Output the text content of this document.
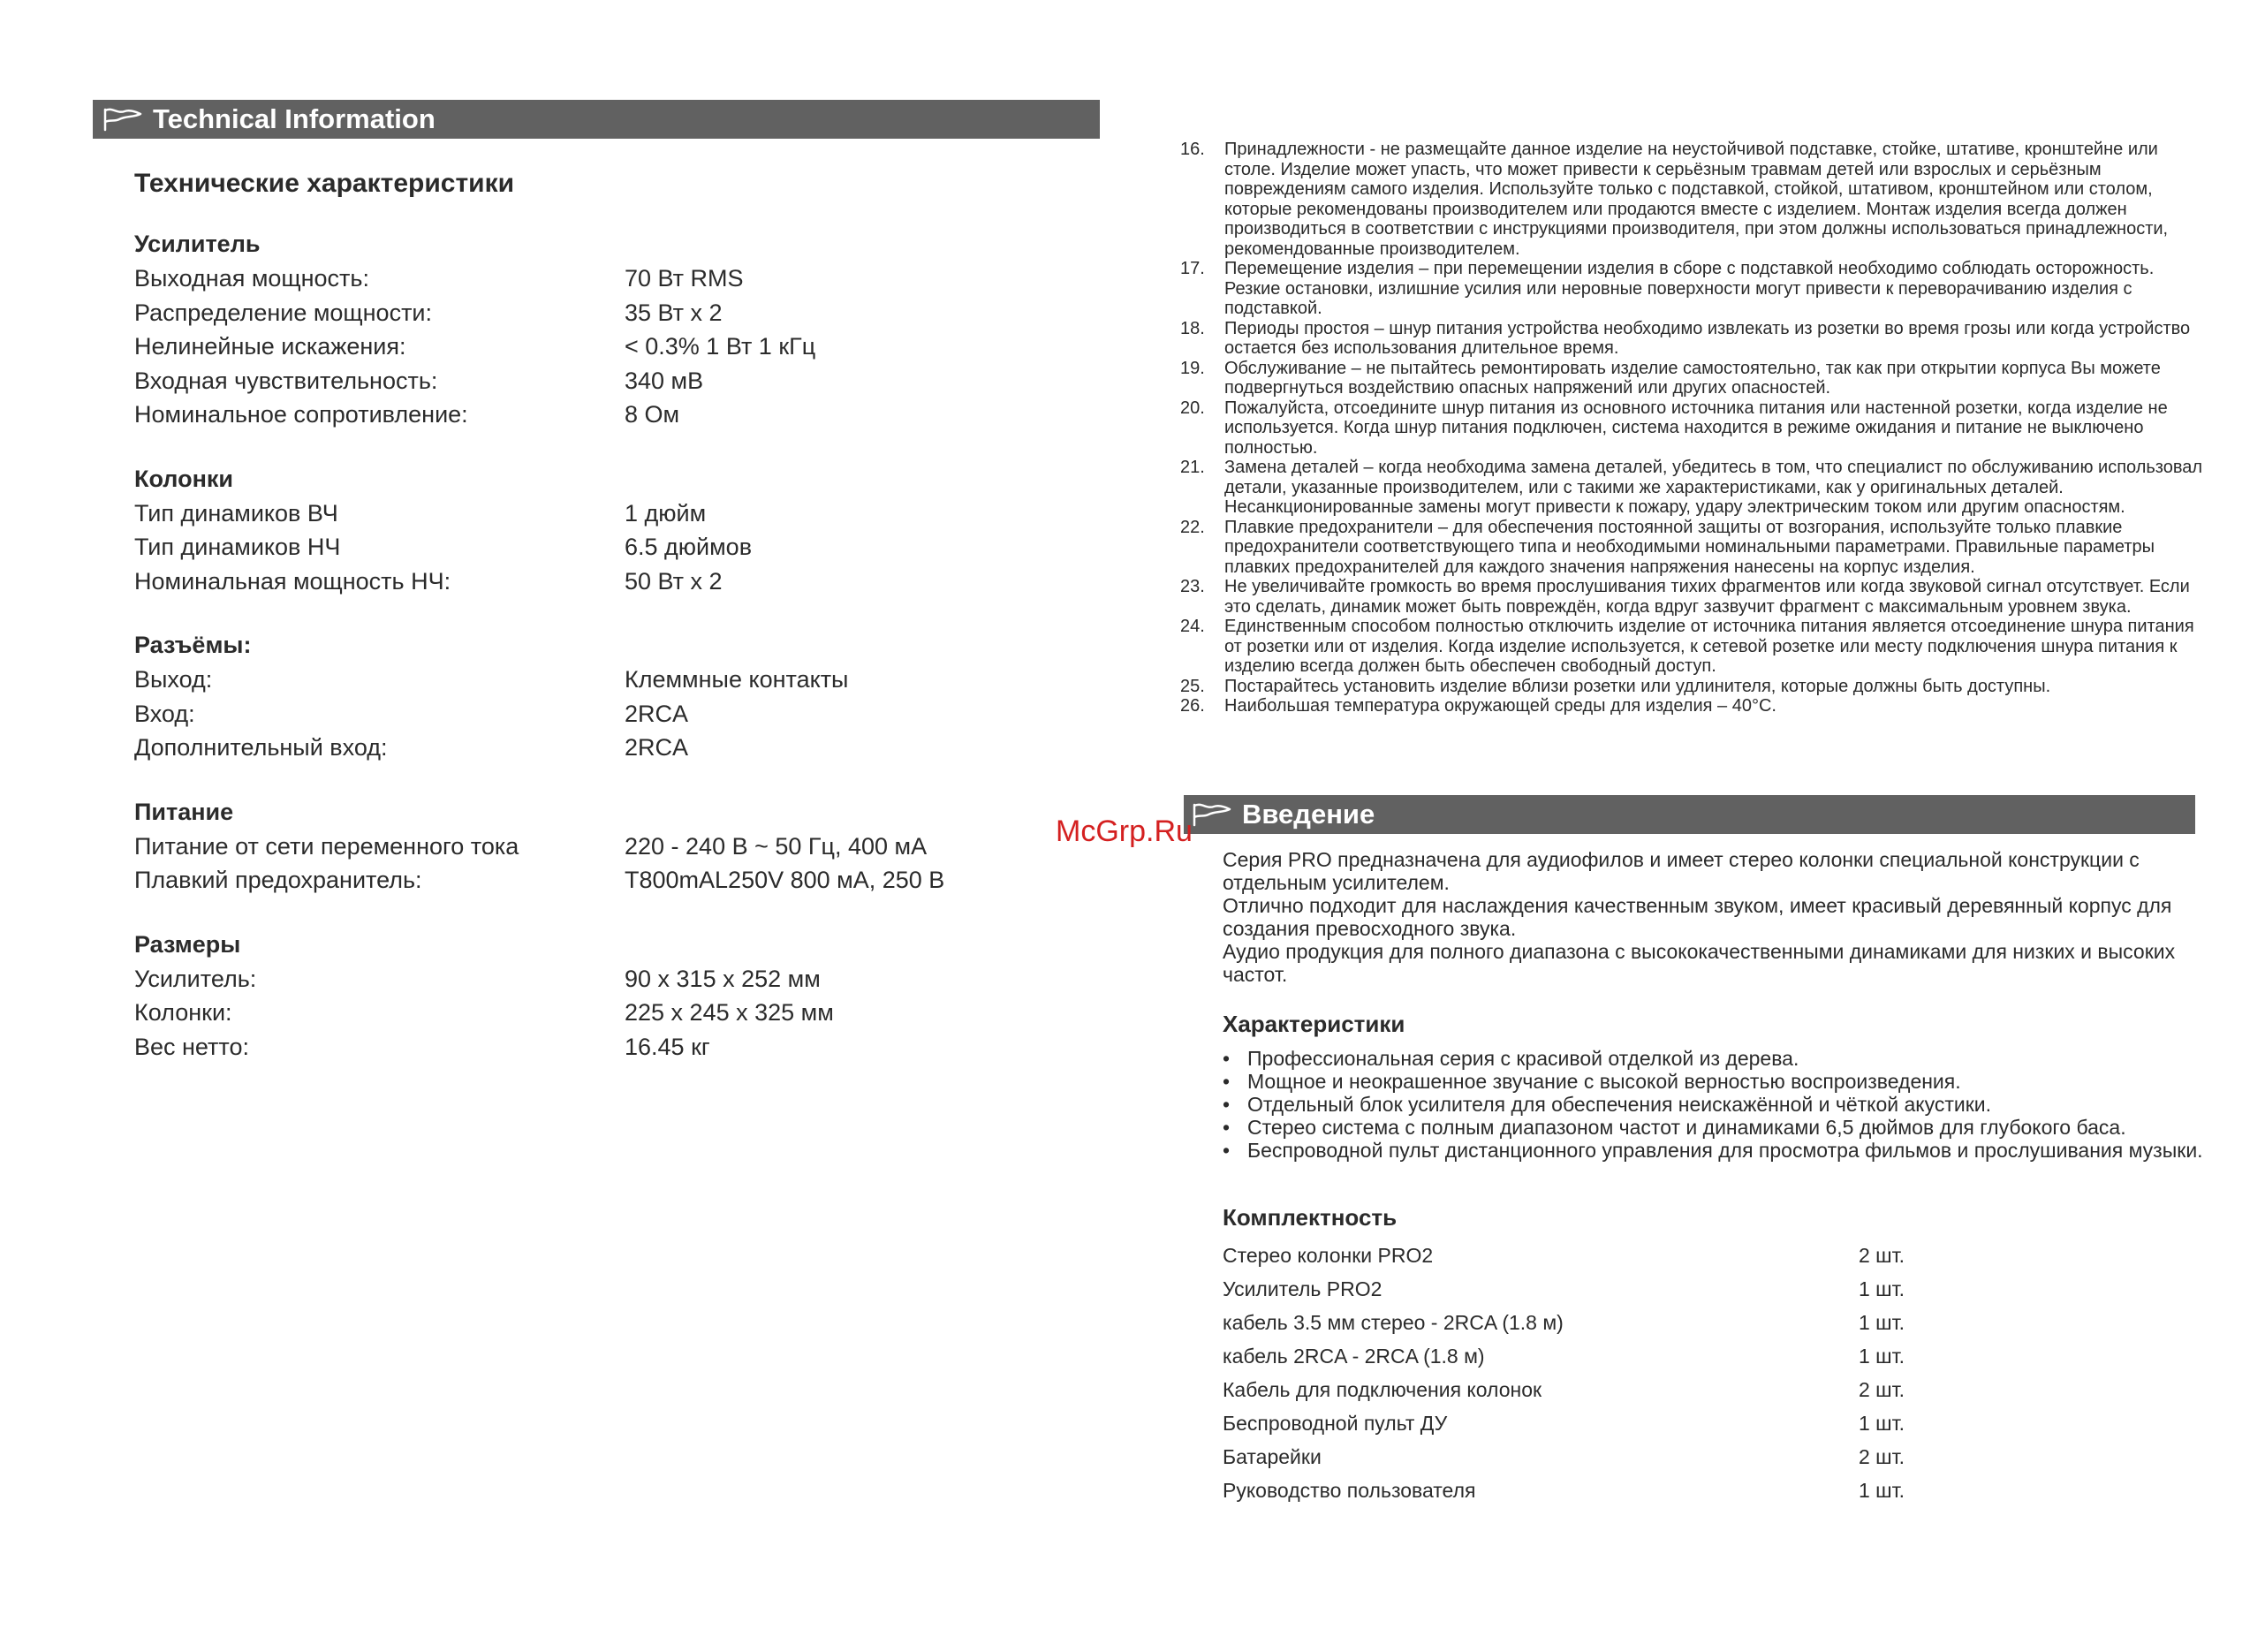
Technical Information
Технические характеристики
Усилитель
Выходная мощность:	70 Вт RMS
Распределение мощности:	35 Вт x 2
Нелинейные искажения:	< 0.3% 1 Вт 1 кГц
Входная чувствительность:	340 мВ
Номинальное сопротивление:	8 Ом
Колонки
Тип динамиков ВЧ	1 дюйм
Тип динамиков НЧ	6.5 дюймов
Номинальная мощность НЧ:	50 Вт x 2
Разъёмы:
Выход:	Клеммные контакты
Вход:	2RCA
Дополнительный вход:	2RCA
Питание
Питание от сети переменного тока	220 - 240 В ~ 50 Гц, 400 мА
Плавкий предохранитель:	T800mAL250V 800 мА, 250 В
Размеры
Усилитель:	90 x 315 x 252 мм
Колонки:	225 x 245 x 325 мм
Вес нетто:	16.45 кг
16.	Принадлежности - не размещайте данное изделие на неустойчивой подставке, стойке, штативе, кронштейне или столе. Изделие может упасть, что может привести к серьёзным травмам детей или взрослых и серьёзным повреждениям самого изделия. Используйте только с подставкой, стойкой, штативом, кронштейном или столом, которые рекомендованы производителем или продаются вместе с изделием. Монтаж изделия всегда должен производиться в соответствии с инструкциями производителя, при этом должны использоваться принадлежности, рекомендованные производителем.
17.	Перемещение изделия – при перемещении изделия в сборе с подставкой необходимо соблюдать осторожность. Резкие остановки, излишние усилия или неровные поверхности могут привести к переворачиванию изделия с подставкой.
18.	Периоды простоя – шнур питания устройства необходимо извлекать из розетки во время грозы или когда устройство остается без использования длительное время.
19.	Обслуживание – не пытайтесь ремонтировать изделие самостоятельно, так как при открытии корпуса Вы можете подвергнуться воздействию опасных напряжений или других опасностей.
20.	Пожалуйста, отсоедините шнур питания из основного источника питания или настенной розетки, когда изделие не используется. Когда шнур питания подключен, система находится в режиме ожидания и питание не выключено полностью.
21.	Замена деталей – когда необходима замена деталей, убедитесь в том, что специалист по обслуживанию использовал детали, указанные производителем, или с такими же характеристиками, как у оригинальных деталей. Несанкционированные замены могут привести к пожару, удару электрическим током или другим опасностям.
22.	Плавкие предохранители – для обеспечения постоянной защиты от возгорания, используйте только плавкие предохранители соответствующего типа и необходимыми номинальными параметрами. Правильные параметры плавких предохранителей для каждого значения напряжения нанесены на корпус изделия.
23.	Не увеличивайте громкость во время прослушивания тихих фрагментов или когда звуковой сигнал отсутствует. Если это сделать, динамик может быть повреждён, когда вдруг зазвучит фрагмент с максимальным уровнем звука.
24.	Единственным способом полностью отключить изделие от источника питания является отсоединение шнура питания от розетки или от изделия. Когда изделие используется, к сетевой розетке или месту подключения шнура питания к изделию всегда должен быть обеспечен свободный доступ.
25.	Постарайтесь установить изделие вблизи розетки или удлинителя, которые должны быть доступны.
26.	Наибольшая температура окружающей среды для изделия – 40°C.
Введение
McGrp.Ru

Серия PRO предназначена для аудиофилов и имеет стерео колонки специальной конструкции с отдельным усилителем.

Отлично подходит для наслаждения качественным звуком, имеет красивый деревянный корпус для создания превосходного звука.

Аудио продукция для полного диапазона с высококачественными динамиками для низких и высоких частот.

Характеристики
• Профессиональная серия с красивой отделкой из дерева.
• Мощное и неокрашенное звучание с высокой верностью воспроизведения.
• Отдельный блок усилителя для обеспечения неискажённой и чёткой акустики.
• Стерео система с полным диапазоном частот и динамиками 6,5 дюймов для глубокого баса.
• Беспроводной пульт дистанционного управления для просмотра фильмов и прослушивания музыки.
Комплектность
Стерео колонки PRO2	2 шт.
Усилитель PRO2	1 шт.
кабель 3.5 мм стерео - 2RCA (1.8 м)	1 шт.
кабель 2RCA - 2RCA (1.8 м)	1 шт.
Кабель для подключения колонок	2 шт.
Беспроводной пульт ДУ	1 шт.
Батарейки	2 шт.
Руководство пользователя	1 шт.
